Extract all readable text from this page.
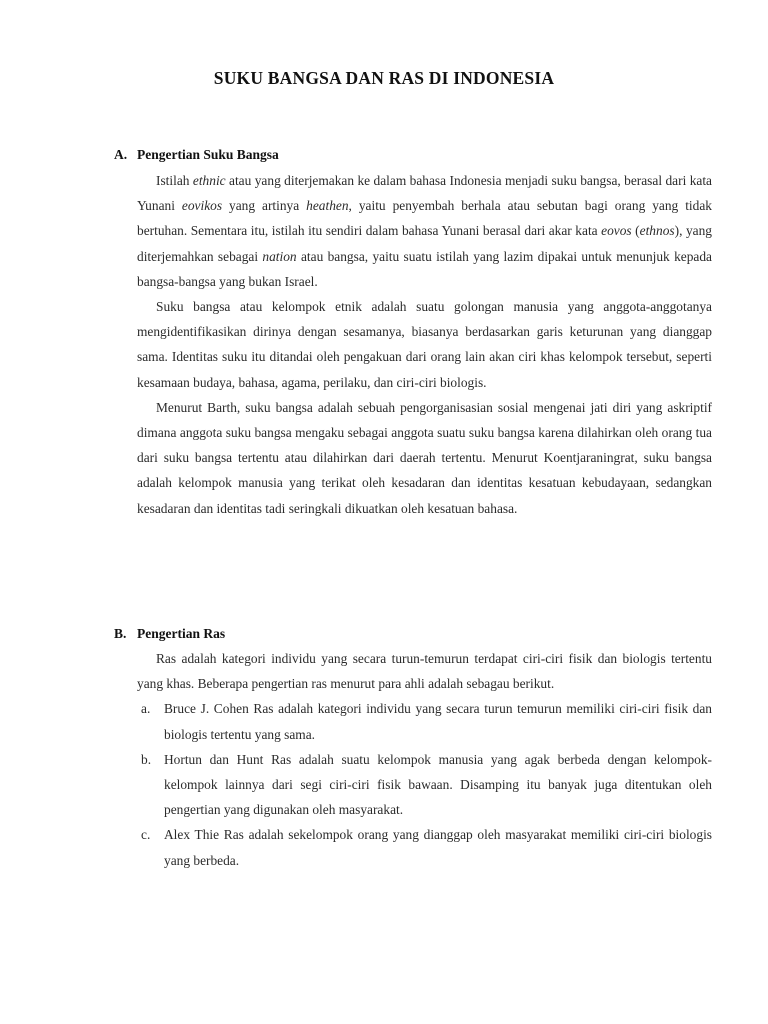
SUKU BANGSA DAN RAS DI INDONESIA
A. Pengertian Suku Bangsa

Istilah ethnic atau yang diterjemakan ke dalam bahasa Indonesia menjadi suku bangsa, berasal dari kata Yunani eovikos yang artinya heathen, yaitu penyembah berhala atau sebutan bagi orang yang tidak bertuhan. Sementara itu, istilah itu sendiri dalam bahasa Yunani berasal dari akar kata eovos (ethnos), yang diterjemahkan sebagai nation atau bangsa, yaitu suatu istilah yang lazim dipakai untuk menunjuk kepada bangsa-bangsa yang bukan Israel.

Suku bangsa atau kelompok etnik adalah suatu golongan manusia yang anggota-anggotanya mengidentifikasikan dirinya dengan sesamanya, biasanya berdasarkan garis keturunan yang dianggap sama. Identitas suku itu ditandai oleh pengakuan dari orang lain akan ciri khas kelompok tersebut, seperti kesamaan budaya, bahasa, agama, perilaku, dan ciri-ciri biologis.

Menurut Barth, suku bangsa adalah sebuah pengorganisasian sosial mengenai jati diri yang askriptif dimana anggota suku bangsa mengaku sebagai anggota suatu suku bangsa karena dilahirkan oleh orang tua dari suku bangsa tertentu atau dilahirkan dari daerah tertentu. Menurut Koentjaraningrat, suku bangsa adalah kelompok manusia yang terikat oleh kesadaran dan identitas kesatuan kebudayaan, sedangkan kesadaran dan identitas tadi seringkali dikuatkan oleh kesatuan bahasa.

B. Pengertian Ras

Ras adalah kategori individu yang secara turun-temurun terdapat ciri-ciri fisik dan biologis tertentu yang khas. Beberapa pengertian ras menurut para ahli adalah sebagau berikut.

a. Bruce J. Cohen Ras adalah kategori individu yang secara turun temurun memiliki ciri-ciri fisik dan biologis tertentu yang sama.
b. Hortun dan Hunt Ras adalah suatu kelompok manusia yang agak berbeda dengan kelompok-kelompok lainnya dari segi ciri-ciri fisik bawaan. Disamping itu banyak juga ditentukan oleh pengertian yang digunakan oleh masyarakat.
c. Alex Thie Ras adalah sekelompok orang yang dianggap oleh masyarakat memiliki ciri-ciri biologis yang berbeda.
